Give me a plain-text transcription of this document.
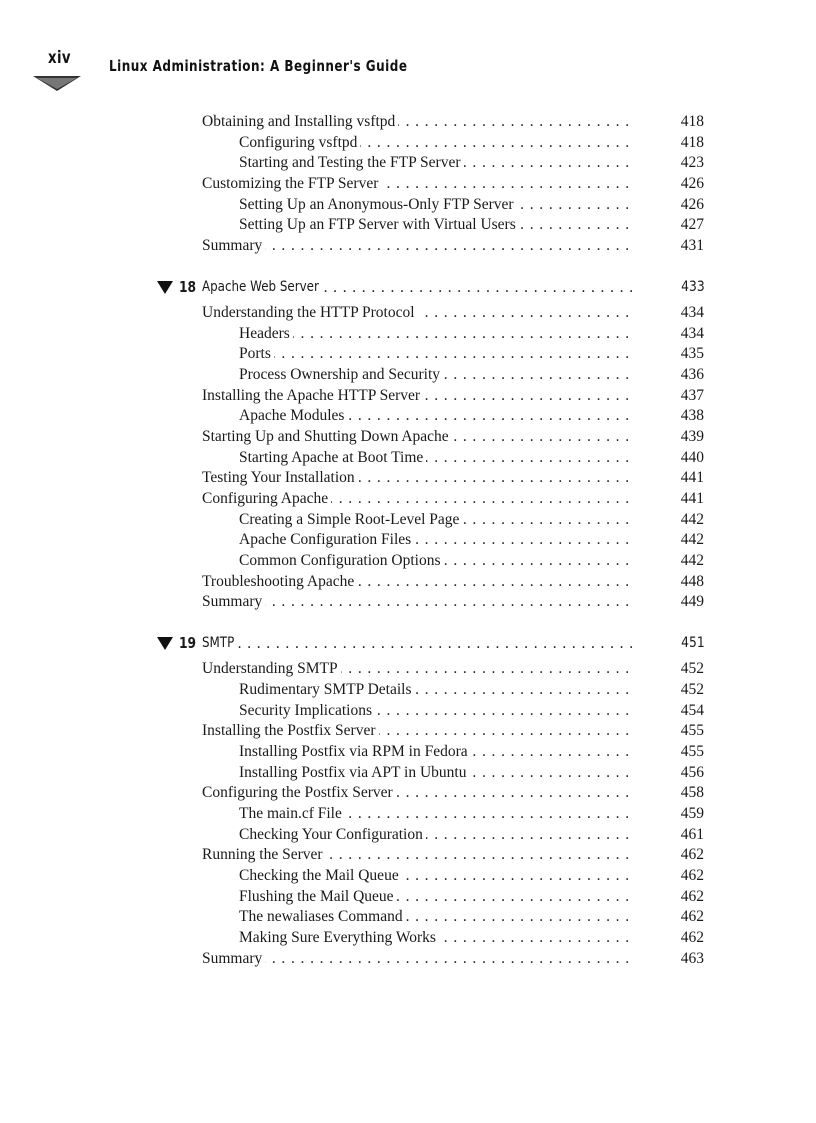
xiv	Linux Administration: A Beginner's Guide
Obtaining and Installing vsftpd . . .	418
Configuring vsftpd . . .	418
Starting and Testing the FTP Server . . .	423
Customizing the FTP Server . . .	426
Setting Up an Anonymous-Only FTP Server . . .	426
Setting Up an FTP Server with Virtual Users . . .	427
Summary . . .	431
18 Apache Web Server . . .	433
Understanding the HTTP Protocol . . .	434
Headers . . .	434
Ports . . .	435
Process Ownership and Security . . .	436
Installing the Apache HTTP Server . . .	437
Apache Modules . . .	438
Starting Up and Shutting Down Apache . . .	439
Starting Apache at Boot Time . . .	440
Testing Your Installation . . .	441
Configuring Apache . . .	441
Creating a Simple Root-Level Page . . .	442
Apache Configuration Files . . .	442
Common Configuration Options . . .	442
Troubleshooting Apache . . .	448
Summary . . .	449
19 SMTP . . .	451
Understanding SMTP . . .	452
Rudimentary SMTP Details . . .	452
Security Implications . . .	454
Installing the Postfix Server . . .	455
Installing Postfix via RPM in Fedora . . .	455
Installing Postfix via APT in Ubuntu . . .	456
Configuring the Postfix Server . . .	458
The main.cf File . . .	459
Checking Your Configuration . . .	461
Running the Server . . .	462
Checking the Mail Queue . . .	462
Flushing the Mail Queue . . .	462
The newaliases Command . . .	462
Making Sure Everything Works . . .	462
Summary . . .	463
